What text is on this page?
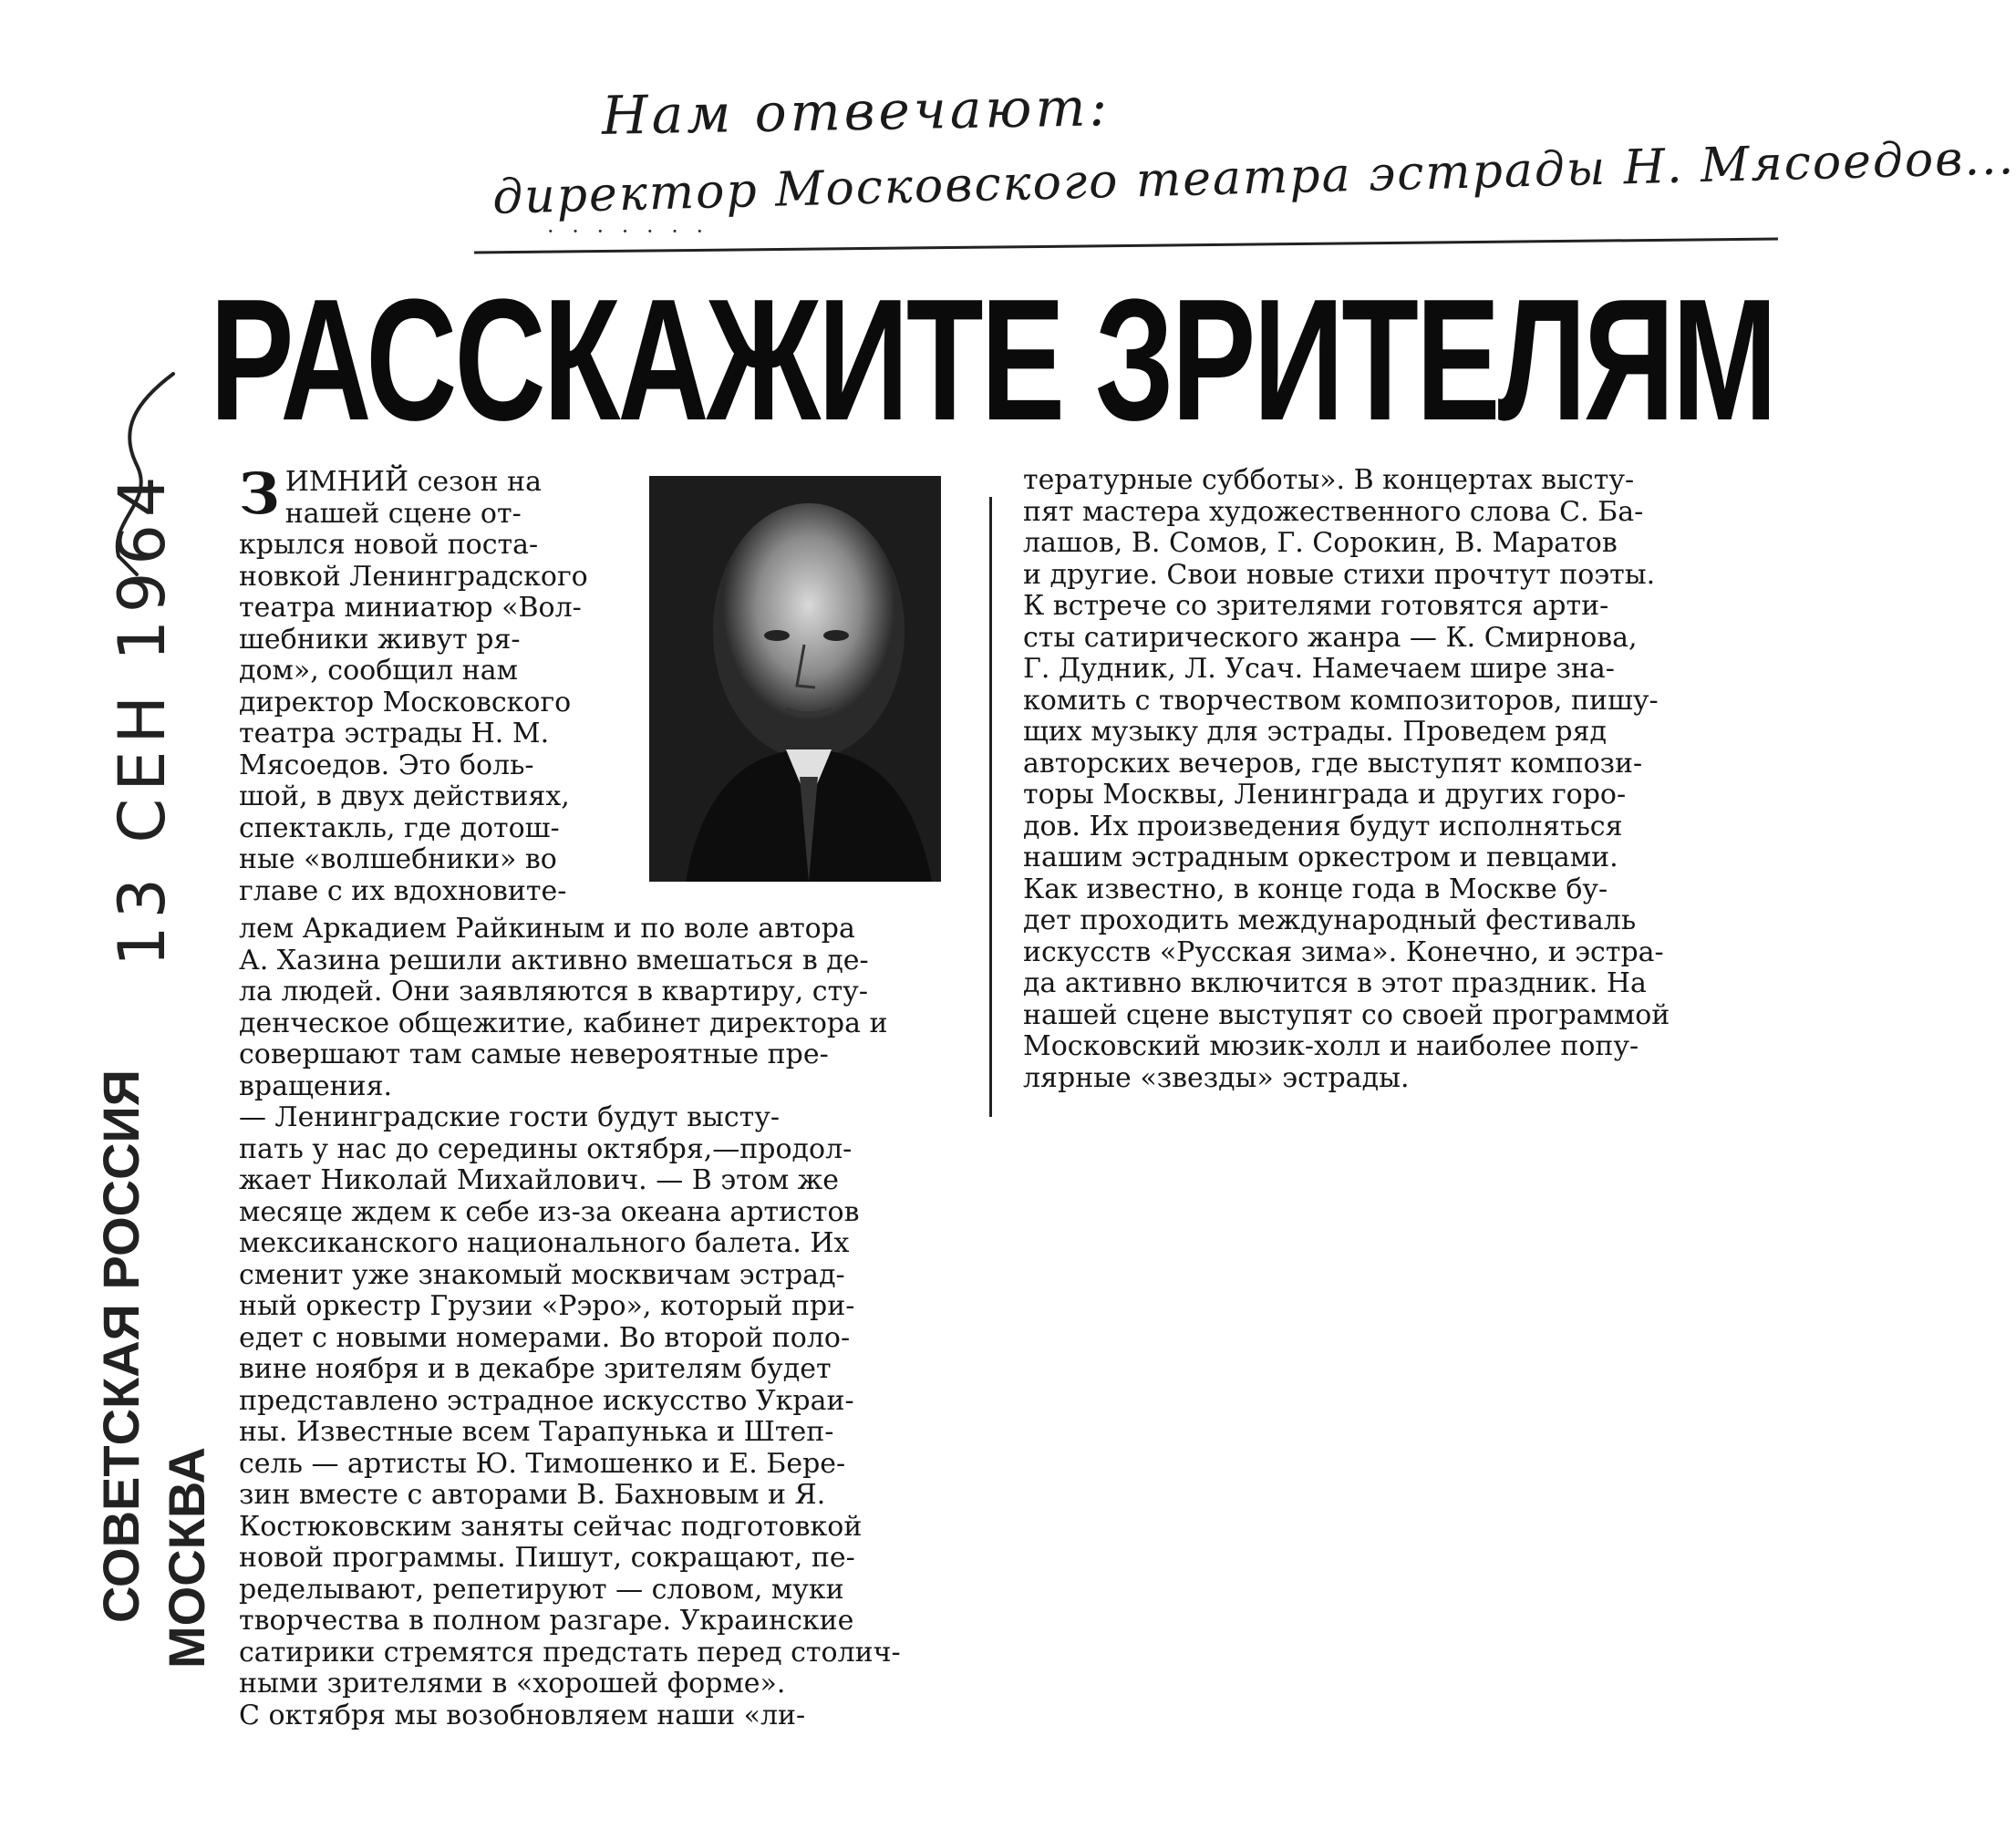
Нам отвечают:
директор Московского театра эстрады Н. Мясоедов...
· · · · · · ·
РАССКАЖИТЕ ЗРИТЕЛЯМ
13 СЕН 1964
СОВЕТСКАЯ РОССИЯ МОСКВА
З ИМНИЙ сезон на
нашей сцене от-
крылся новой поста-
новкой Ленинградского
театра миниатюр «Вол-
шебники живут ря-
дом», сообщил нам
директор Московского
театра эстрады Н. М.
Мясоедов. Это боль-
шой, в двух действиях,
спектакль, где дотош-
ные «волшебники» во
главе с их вдохновите-
лем Аркадием Райкиным и по воле автора
А. Хазина решили активно вмешаться в де-
ла людей. Они заявляются в квартиру, сту-
денческое общежитие, кабинет директора и
совершают там самые невероятные пре-
вращения.
— Ленинградские гости будут высту-
пать у нас до середины октября,—продол-
жает Николай Михайлович. — В этом же
месяце ждем к себе из-за океана артистов
мексиканского национального балета. Их
сменит уже знакомый москвичам эстрад-
ный оркестр Грузии «Рэро», который при-
едет с новыми номерами. Во второй поло-
вине ноября и в декабре зрителям будет
представлено эстрадное искусство Украи-
ны. Известные всем Тарапунька и Штеп-
сель — артисты Ю. Тимошенко и Е. Бере-
зин вместе с авторами В. Бахновым и Я.
Костюковским заняты сейчас подготовкой
новой программы. Пишут, сокращают, пе-
ределывают, репетируют — словом, муки
творчества в полном разгаре. Украинские
сатирики стремятся предстать перед столич-
ными зрителями в «хорошей форме».
С октября мы возобновляем наши «ли-
тературные субботы». В концертах высту-
пят мастера художественного слова С. Ба-
лашов, В. Сомов, Г. Сорокин, В. Маратов
и другие. Свои новые стихи прочтут поэты.
К встрече со зрителями готовятся арти-
сты сатирического жанра — К. Смирнова,
Г. Дудник, Л. Усач. Намечаем шире зна-
комить с творчеством композиторов, пишу-
щих музыку для эстрады. Проведем ряд
авторских вечеров, где выступят компози-
торы Москвы, Ленинграда и других горо-
дов. Их произведения будут исполняться
нашим эстрадным оркестром и певцами.
Как известно, в конце года в Москве бу-
дет проходить международный фестиваль
искусств «Русская зима». Конечно, и эстра-
да активно включится в этот праздник. На
нашей сцене выступят со своей программой
Московский мюзик-холл и наиболее попу-
лярные «звезды» эстрады.
